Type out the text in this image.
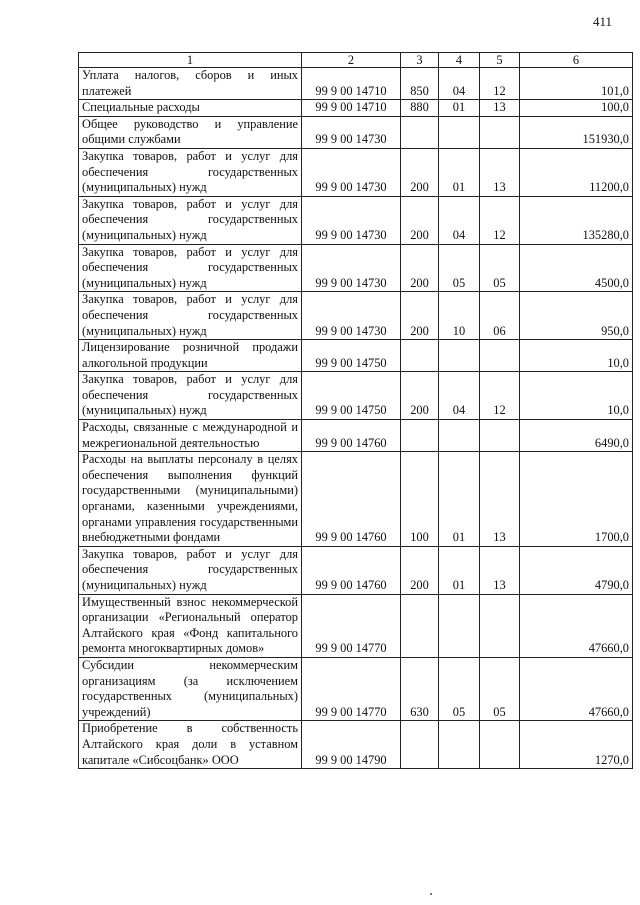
411
1	2	3	4	5	6
Уплата налогов, сборов и иных платежей	99 9 00 14710	850	04	12	101,0
Специальные расходы	99 9 00 14710	880	01	13	100,0
Общее руководство и управление общими службами	99 9 00 14730				151930,0
Закупка товаров, работ и услуг для обеспечения государственных (муниципальных) нужд	99 9 00 14730	200	01	13	11200,0
Закупка товаров, работ и услуг для обеспечения государственных (муниципальных) нужд	99 9 00 14730	200	04	12	135280,0
Закупка товаров, работ и услуг для обеспечения государственных (муниципальных) нужд	99 9 00 14730	200	05	05	4500,0
Закупка товаров, работ и услуг для обеспечения государственных (муниципальных) нужд	99 9 00 14730	200	10	06	950,0
Лицензирование розничной продажи алкогольной продукции	99 9 00 14750				10,0
Закупка товаров, работ и услуг для обеспечения государственных (муниципальных) нужд	99 9 00 14750	200	04	12	10,0
Расходы, связанные с международной и межрегиональной деятельностью	99 9 00 14760				6490,0
Расходы на выплаты персоналу в целях обеспечения выполнения функций государственными (муниципальными) органами, казенными учреждениями, органами управления государственными внебюджетными фондами	99 9 00 14760	100	01	13	1700,0
Закупка товаров, работ и услуг для обеспечения государственных (муниципальных) нужд	99 9 00 14760	200	01	13	4790,0
Имущественный взнос некоммерческой организации «Региональный оператор Алтайского края «Фонд капитального ремонта многоквартирных домов»	99 9 00 14770				47660,0
Субсидии некоммерческим организациям (за исключением государственных (муниципальных) учреждений)	99 9 00 14770	630	05	05	47660,0
Приобретение в собственность Алтайского края доли в уставном капитале «Сибсоцбанк» ООО	99 9 00 14790				1270,0
